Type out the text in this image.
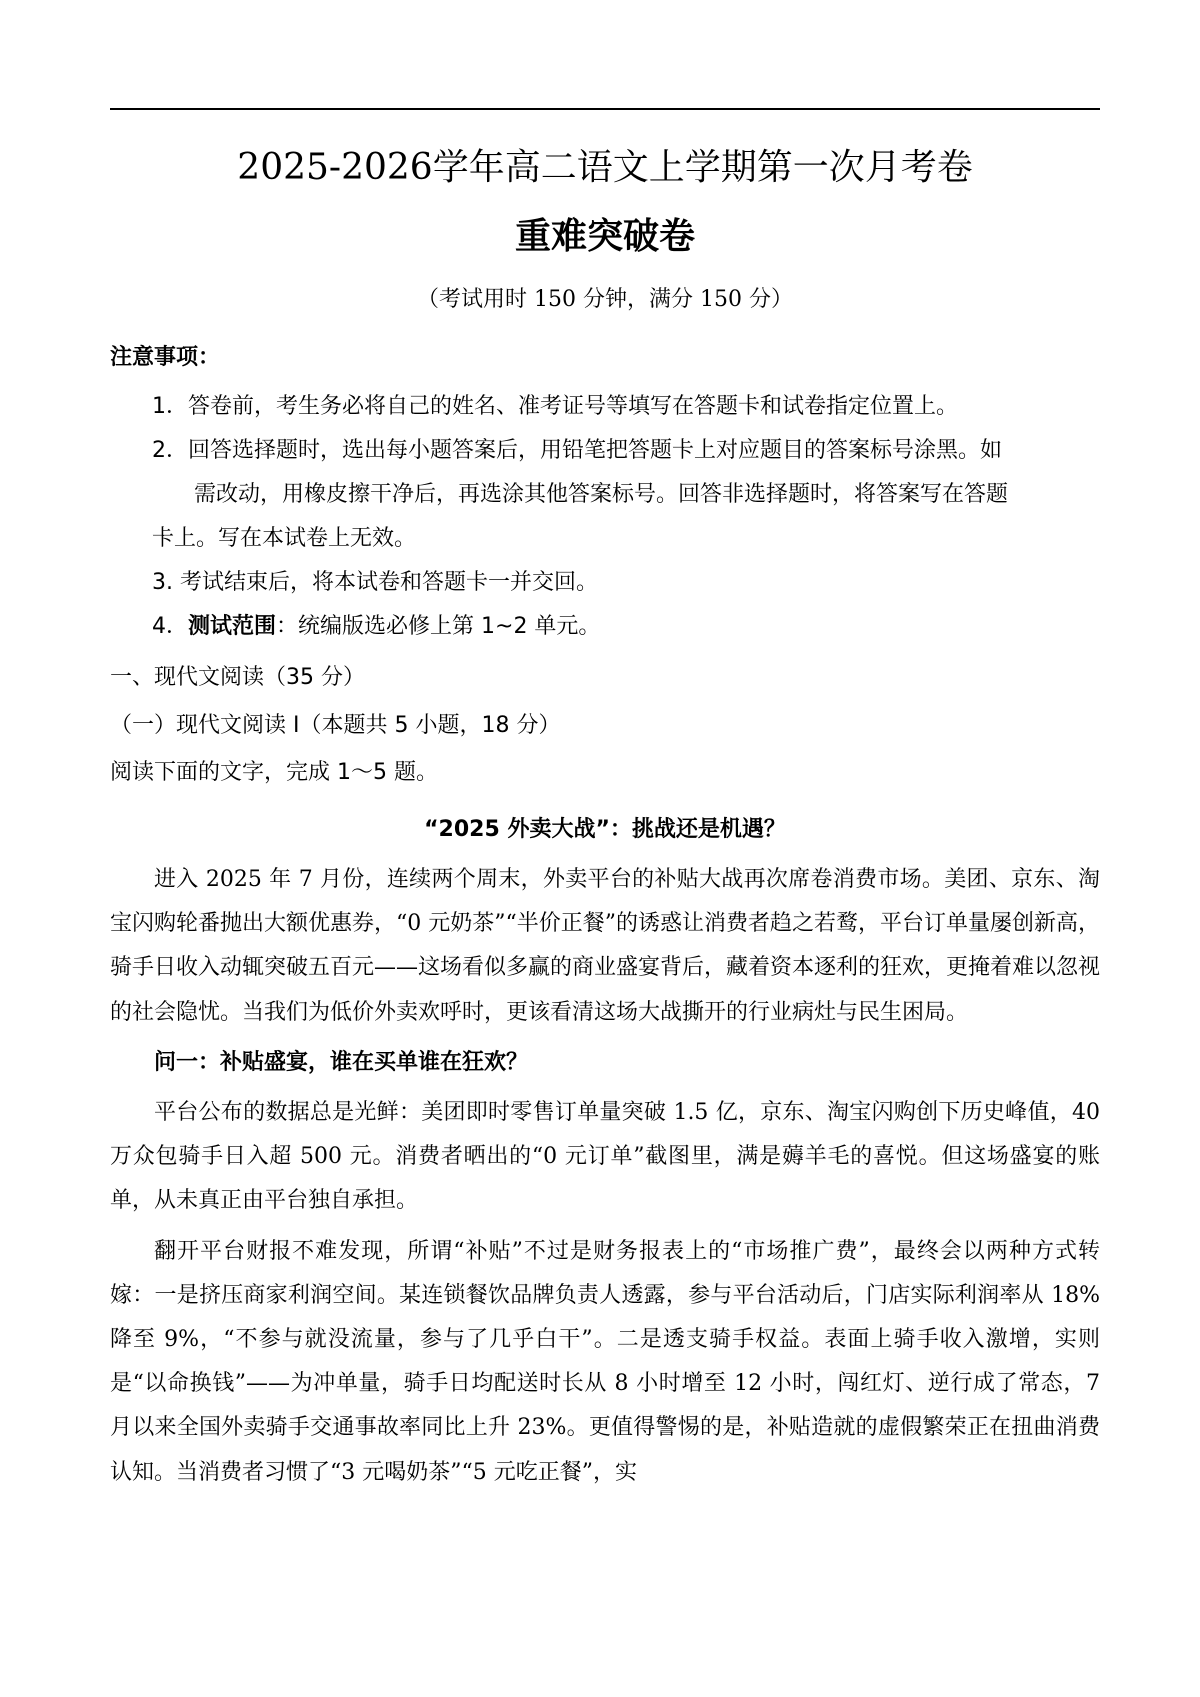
2025-2026学年高二语文上学期第一次月考卷
重难突破卷
（考试用时 150 分钟，满分 150 分）
注意事项：
1．答卷前，考生务必将自己的姓名、准考证号等填写在答题卡和试卷指定位置上。
2．回答选择题时，选出每小题答案后，用铅笔把答题卡上对应题目的答案标号涂黑。如
需改动，用橡皮擦干净后，再选涂其他答案标号。回答非选择题时，将答案写在答题
卡上。写在本试卷上无效。
3. 考试结束后，将本试卷和答题卡一并交回。
4．测试范围：统编版选必修上第 1~2 单元。
一、现代文阅读（35 分）
（一）现代文阅读 I（本题共 5 小题，18 分）
阅读下面的文字，完成 1～5 题。
“2025 外卖大战”：挑战还是机遇？

进入 2025 年 7 月份，连续两个周末，外卖平台的补贴大战再次席卷消费市场。美团、京东、淘宝闪购轮番抛出大额优惠券，“0 元奶茶”“半价正餐”的诱惑让消费者趋之若鹜，平台订单量屡创新高，骑手日收入动辄突破五百元——这场看似多赢的商业盛宴背后，藏着资本逐利的狂欢，更掩着难以忽视的社会隐忧。当我们为低价外卖欢呼时，更该看清这场大战撕开的行业病灶与民生困局。

问一：补贴盛宴，谁在买单谁在狂欢？

平台公布的数据总是光鲜：美团即时零售订单量突破 1.5 亿，京东、淘宝闪购创下历史峰值，40 万众包骑手日入超 500 元。消费者晒出的“0 元订单”截图里，满是薅羊毛的喜悦。但这场盛宴的账单，从未真正由平台独自承担。

翻开平台财报不难发现，所谓“补贴”不过是财务报表上的“市场推广费”，最终会以两种方式转嫁：一是挤压商家利润空间。某连锁餐饮品牌负责人透露，参与平台活动后，门店实际利润率从 18%降至 9%，“不参与就没流量，参与了几乎白干”。二是透支骑手权益。表面上骑手收入激增，实则是“以命换钱”——为冲单量，骑手日均配送时长从 8 小时增至 12 小时，闯红灯、逆行成了常态，7 月以来全国外卖骑手交通事故率同比上升 23%。更值得警惕的是，补贴造就的虚假繁荣正在扭曲消费认知。当消费者习惯了“3 元喝奶茶”“5 元吃正餐”，实
